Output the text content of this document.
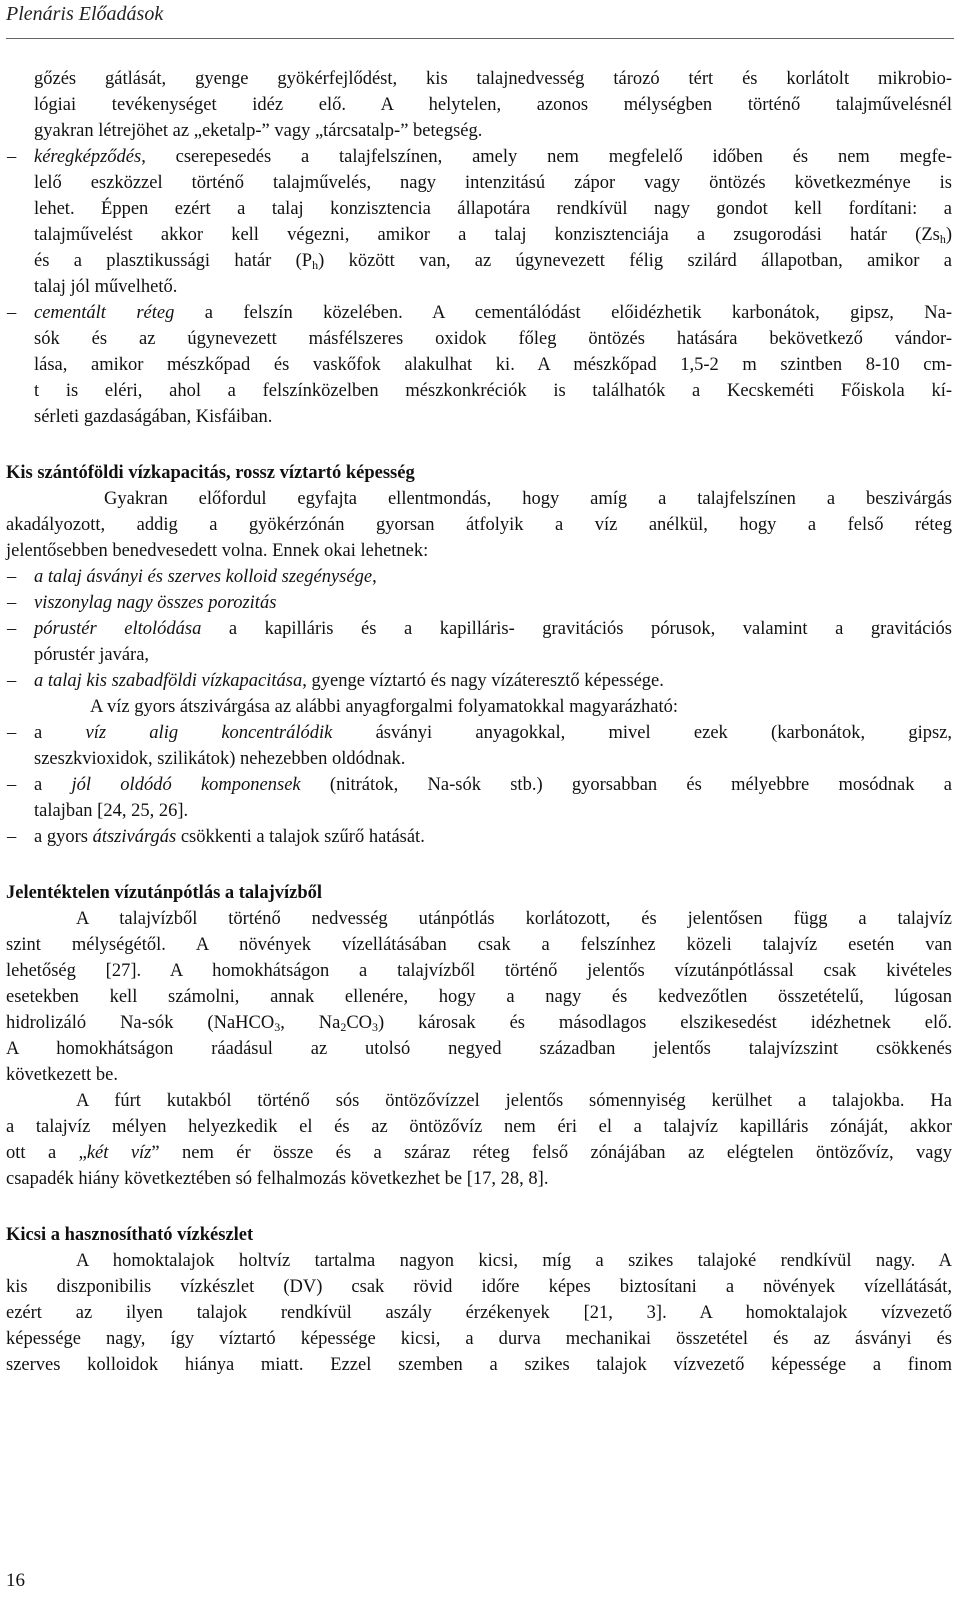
Plenáris Előadások
gőzés gátlását, gyenge gyökérfejlődést, kis talajnedvesség tározó tért és korlátolt mikrobio-
lógiai tevékenységet idéz elő. A helytelen, azonos mélységben történő talajművelésnél
gyakran létrejöhet az „eketalp-” vagy „tárcsatalp-” betegség.
– kéregképződés, cserepesedés a talajfelszínen, amely nem megfelelő időben és nem megfe-
lelő eszközzel történő talajművelés, nagy intenzitású zápor vagy öntözés következménye is
lehet. Éppen ezért a talaj konzisztencia állapotára rendkívül nagy gondot kell fordítani: a
talajművelést akkor kell végezni, amikor a talaj konzisztenciája a zsugorodási határ $(Zs_h)$
és a plasztikussági határ $(P_h)$ között van, az úgynevezett félig szilárd állapotban, amikor a
talaj jól művelhető.
– cementált réteg a felszín közelében. A cementálódást előidézhetik karbonátok, gipsz, Na-
sók és az úgynevezett másfélszeres oxidok főleg öntözés hatására bekövetkező vándor-
lása, amikor mészkőpad és vaskőfok alakulhat ki. A mészkőpad 1,5-2 m szintben 8-10 cm-
t is eléri, ahol a felszínközelben mészkonkréciók is találhatók a Kecskeméti Főiskola kí-
sérleti gazdaságában, Kisfáiban.
Kis szántóföldi vízkapacitás, rossz víztartó képesség
Gyakran előfordul egyfajta ellentmondás, hogy amíg a talajfelszínen a beszivárgás
akadályozott, addig a gyökérzónán gyorsan átfolyik a víz anélkül, hogy a felső réteg
jelentősebben benedvesedett volna. Ennek okai lehetnek:
– a talaj ásványi és szerves kolloid szegénysége,
– viszonylag nagy összes porozitás
– pórustér eltolódása a kapilláris és a kapilláris- gravitációs pórusok, valamint a gravitációs
pórustér javára,
– a talaj kis szabadföldi vízkapacitása, gyenge víztartó és nagy vízáteresztő képessége.
A víz gyors átszivárgása az alábbi anyagforgalmi folyamatokkal magyarázható:
– a víz alig koncentrálódik ásványi anyagokkal, mivel ezek (karbonátok, gipsz,
szeszkvioxidok, szilikátok) nehezebben oldódnak.
– a jól oldódó komponensek (nitrátok, Na-sók stb.) gyorsabban és mélyebbre mosódnak a
talajban [24, 25, 26].
– a gyors átszivárgás csökkenti a talajok szűrő hatását.
Jelentéktelen vízutánpótlás a talajvízből
A talajvízből történő nedvesség utánpótlás korlátozott, és jelentősen függ a talajvíz
szint mélységétől. A növények vízellátásában csak a felszínhez közeli talajvíz esetén van
lehetőség [27]. A homokhátságon a talajvízből történő jelentős vízutánpótlással csak kivételes
esetekben kell számolni, annak ellenére, hogy a nagy és kedvezőtlen összetételű, lúgosan
hidrolizáló Na-sók (NaHCO$_3$, $Na_2CO_3$) károsak és másodlagos elszikesedést idézhetnek elő.
A homokhátságon ráadásul az utolsó negyed században jelentős talajvízszint csökkenés
következett be.
A fúrt kutakból történő sós öntözővízzel jelentős sómennyiség kerülhet a talajokba. Ha
a talajvíz mélyen helyezkedik el és az öntözővíz nem éri el a talajvíz kapilláris zónáját, akkor
ott a „két víz” nem ér össze és a száraz réteg felső zónájában az elégtelen öntözővíz, vagy
csapadék hiány következtében só felhalmozás következhet be [17, 28, 8].
Kicsi a hasznosítható vízkészlet
A homoktalajok holtvíz tartalma nagyon kicsi, míg a szikes talajoké rendkívül nagy. A
kis diszponibilis vízkészlet (DV) csak rövid időre képes biztosítani a növények vízellátását,
ezért az ilyen talajok rendkívül aszály érzékenyek [21, 3]. A homoktalajok vízvezető
képessége nagy, így víztartó képessége kicsi, a durva mechanikai összetétel és az ásványi és
szerves kolloidok hiánya miatt. Ezzel szemben a szikes talajok vízvezető képessége a finom
16
